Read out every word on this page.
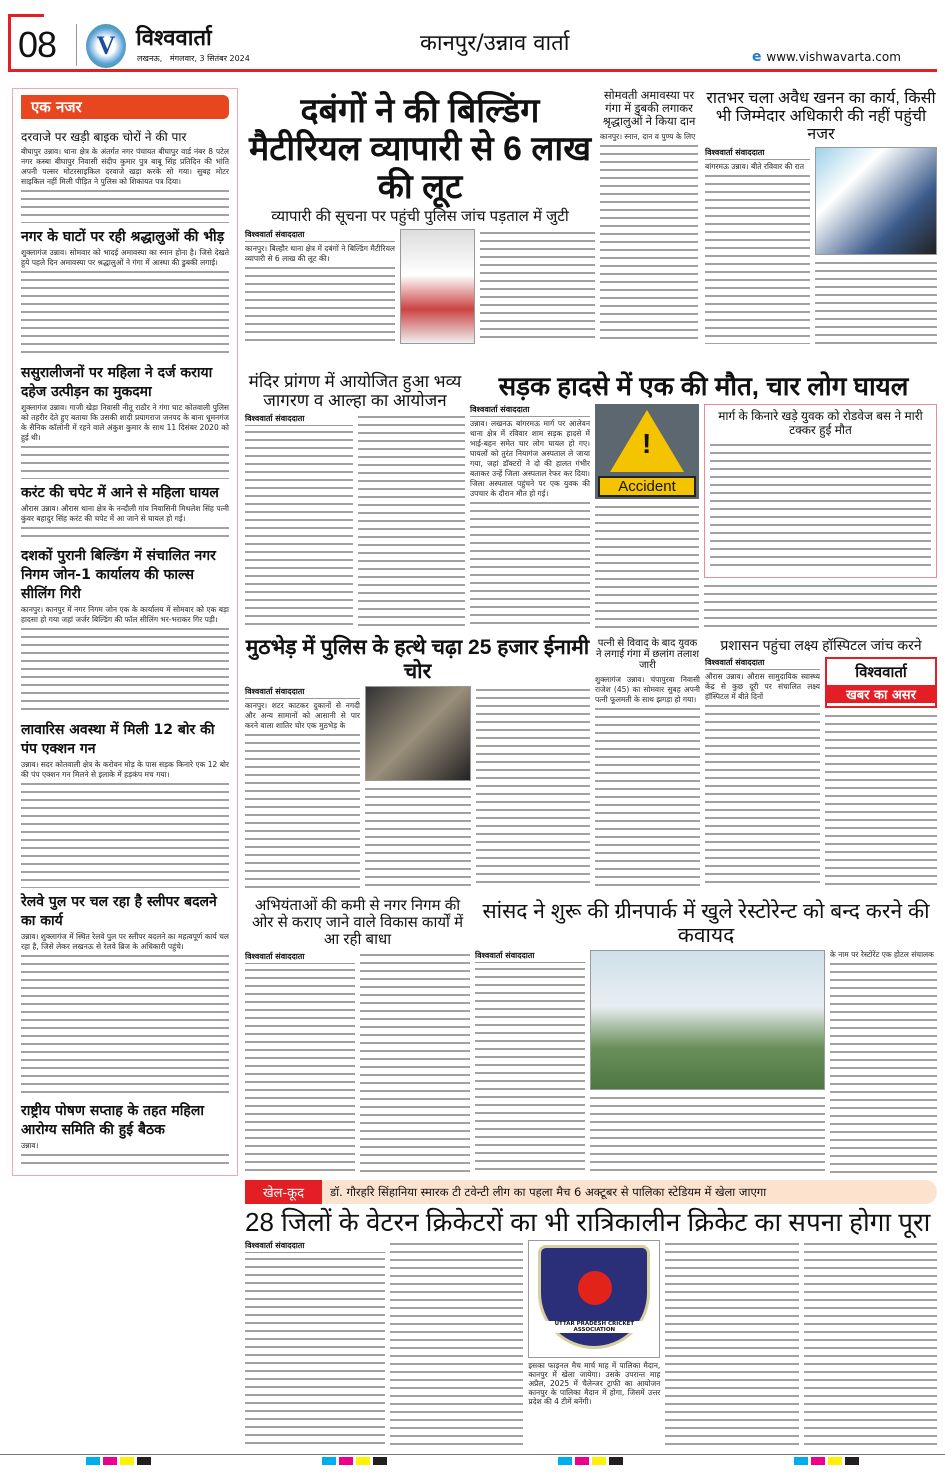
08	V विश्ववार्ता
लखनऊ,   मंगलवार, 3 सितंबर 2024
कानपुर/उन्नाव वार्ता
e www.vishwavarta.com
एक नजर
दरवाजे पर खड़ी बाइक चोरों ने की पार
बीघापुर उन्नाव। थाना क्षेत्र के अंतर्गत नगर पंचायत बीघापुर वार्ड नंबर 8 पटेल नगर कस्बा बीघापुर निवासी संदीप कुमार पुत्र बाबू सिंह प्रतिदिन की भांति अपनी पल्सर मोटरसाइकिल दरवाजे खड़ा करके सो गया। सुबह मोटर साइकिल नहीं मिली पीड़ित ने पुलिस को शिकायत पत्र दिया।
नगर के घाटों पर रही श्रद्धालुओं की भीड़
शुक्लागंज उन्नाव। सोमवार को भादई अमावस्या का स्नान होना है। जिसे देखते हुये पहले दिन अमावस्या पर श्रद्धालुओं ने गंगा में आस्था की डुबकी लगाई।
ससुरालीजनों पर महिला ने दर्ज कराया दहेज उत्पीड़न का मुकदमा
शुक्लागंज उन्नाव। गाजी खेड़ा निवासी नीतू राठौर ने गंगा घाट कोतवाली पुलिस को तहरीर देते हुए बताया कि उसकी शादी प्रयागराज जनपद के बाना धूमनगंज के सैनिक कॉलोनी में रहने वाले अंकुश कुमार के साथ 11 दिसंबर 2020 को हुई थी।
करंट की चपेट में आने से महिला घायल
औरास उन्नाव। औरास थाना क्षेत्र के नन्दौली गांव निवासिनी मिथलेश सिंह पत्नी कुंवर बहादुर सिंह करंट की चपेट में आ जाने से घायल हो गई।
दशकों पुरानी बिल्डिंग में संचालित नगर निगम जोन-1 कार्यालय की फाल्स सीलिंग गिरी
कानपुर। कानपुर में नगर निगम जोन एक के कार्यालय में सोमवार को एक बड़ा हादसा हो गया जहां जर्जर बिल्डिंग की फॉल सीलिंग भर-भराकर गिर पड़ी।
लावारिस अवस्था में मिली 12 बोर की पंप एक्शन गन
उन्नाव। सदर कोतवाली क्षेत्र के करोवन मोड़ के पास सड़क किनारे एक 12 बोर की पंप एक्शन गन मिलने से इलाके में हड़कंप मच गया।
रेलवे पुल पर चल रहा है स्लीपर बदलने का कार्य
उन्नाव। शुक्लागंज में स्थित रेलवे पुल पर स्लीपर बदलने का महत्वपूर्ण कार्य चल रहा है, जिसे लेकर लखनऊ से रेलवे ब्रिज के अधिकारी पहुंचे।
राष्ट्रीय पोषण सप्ताह के तहत महिला आरोग्य समिति की हुई बैठक
उन्नाव।
दबंगों ने की बिल्डिंग मैटीरियल व्यापारी से 6 लाख की लूट
व्यापारी की सूचना पर पहुंची पुलिस जांच पड़ताल में जुटी
विश्ववार्ता संवाददाता
कानपुर। बिल्हौर थाना क्षेत्र में दबंगों ने बिल्डिंग मैटीरियल व्यापारी से 6 लाख की लूट की।
सोमवती अमावस्या पर गंगा में डुबकी लगाकर श्रृद्धालुओं ने किया दान
कानपुर। स्नान, दान व पुण्य के लिए
रातभर चला अवैध खनन का कार्य, किसी भी जिम्मेदार अधिकारी की नहीं पहुंची नजर
विश्ववार्ता संवाददाता
बांगरमऊ उन्नाव। बीते रविवार की रात
मंदिर प्रांगण में आयोजित हुआ भव्य जागरण व आल्हा का आयोजन
विश्ववार्ता संवाददाता
सड़क हादसे में एक की मौत, चार लोग घायल
विश्ववार्ता संवाददाता
उन्नाव। लखनऊ बांगरमऊ मार्ग पर आलेवन थाना क्षेत्र में रविवार शाम सड़क हादसे में भाई-बहन समेत चार लोग घायल हो गए। घायलों को तुरंत नियागंज अस्पताल ले जाया गया, जहां डॉक्टरों ने दो की हालत गंभीर बताकर उन्हें जिला अस्पताल रेफर कर दिया। जिला अस्पताल पहुंचने पर एक युवक की उपचार के दौरान मौत हो गई।
!
Accident
मार्ग के किनारे खड़े युवक को रोडवेज बस ने मारी टक्कर हुई मौत
मुठभेड़ में पुलिस के हत्थे चढ़ा 25 हजार ईनामी चोर
विश्ववार्ता संवाददाता
कानपुर। शटर काटकर दुकानों से नगदी और अन्य सामानों को आसानी से पार करने वाला शातिर चोर एक मुठभेड़ के
पत्नी से विवाद के बाद युवक ने लगाई गंगा में छलांग तलाश जारी
शुक्लागंज उन्नाव। चंपापुरवा निवासी राजेश (45) का सोमवार सुबह अपनी पत्नी फूलमती के साथ झगड़ा हो गया।
प्रशासन पहुंचा लक्ष्य हॉस्पिटल जांच करने
विश्ववार्ता संवाददाता
औरास उन्नाव। औरास सामुदायिक स्वास्थ्य केंद्र से कुछ दूरी पर संचालित लक्ष्य हॉस्पिटल में बीते दिनों
विश्ववार्ता
खबर का असर
अभियंताओं की कमी से नगर निगम की ओर से कराए जाने वाले विकास कार्यों में आ रही बाधा
विश्ववार्ता संवाददाता
सांसद ने शुरू की ग्रीनपार्क में खुले रेस्टोरेन्ट को बन्द करने की कवायद
विश्ववार्ता संवाददाता	के नाम पर रेस्टोरेंट एक होटल संचालक
खेल-कूद	डॉ. गौरहरि सिंहानिया स्मारक टी टवेन्टी लीग का पहला मैच 6 अक्टूबर से पालिका स्टेडियम में खेला जाएगा
28 जिलों के वेटरन क्रिकेटरों का भी रात्रिकालीन क्रिकेट का सपना होगा पूरा
विश्ववार्ता संवाददाता
UTTAR PRADESH CRICKET ASSOCIATION
इसका फाइनल मैच मार्च माह में पालिका मैदान, कानपुर में खेला जायेगा। उसके उपरान्त माह अप्रैल, 2025 में चैलेन्जर ट्राफी का आयोजन कानपुर के पालिका मैदान में होगा, जिसमें उत्तर प्रदेश की 4 टीमें बनेंगी।
